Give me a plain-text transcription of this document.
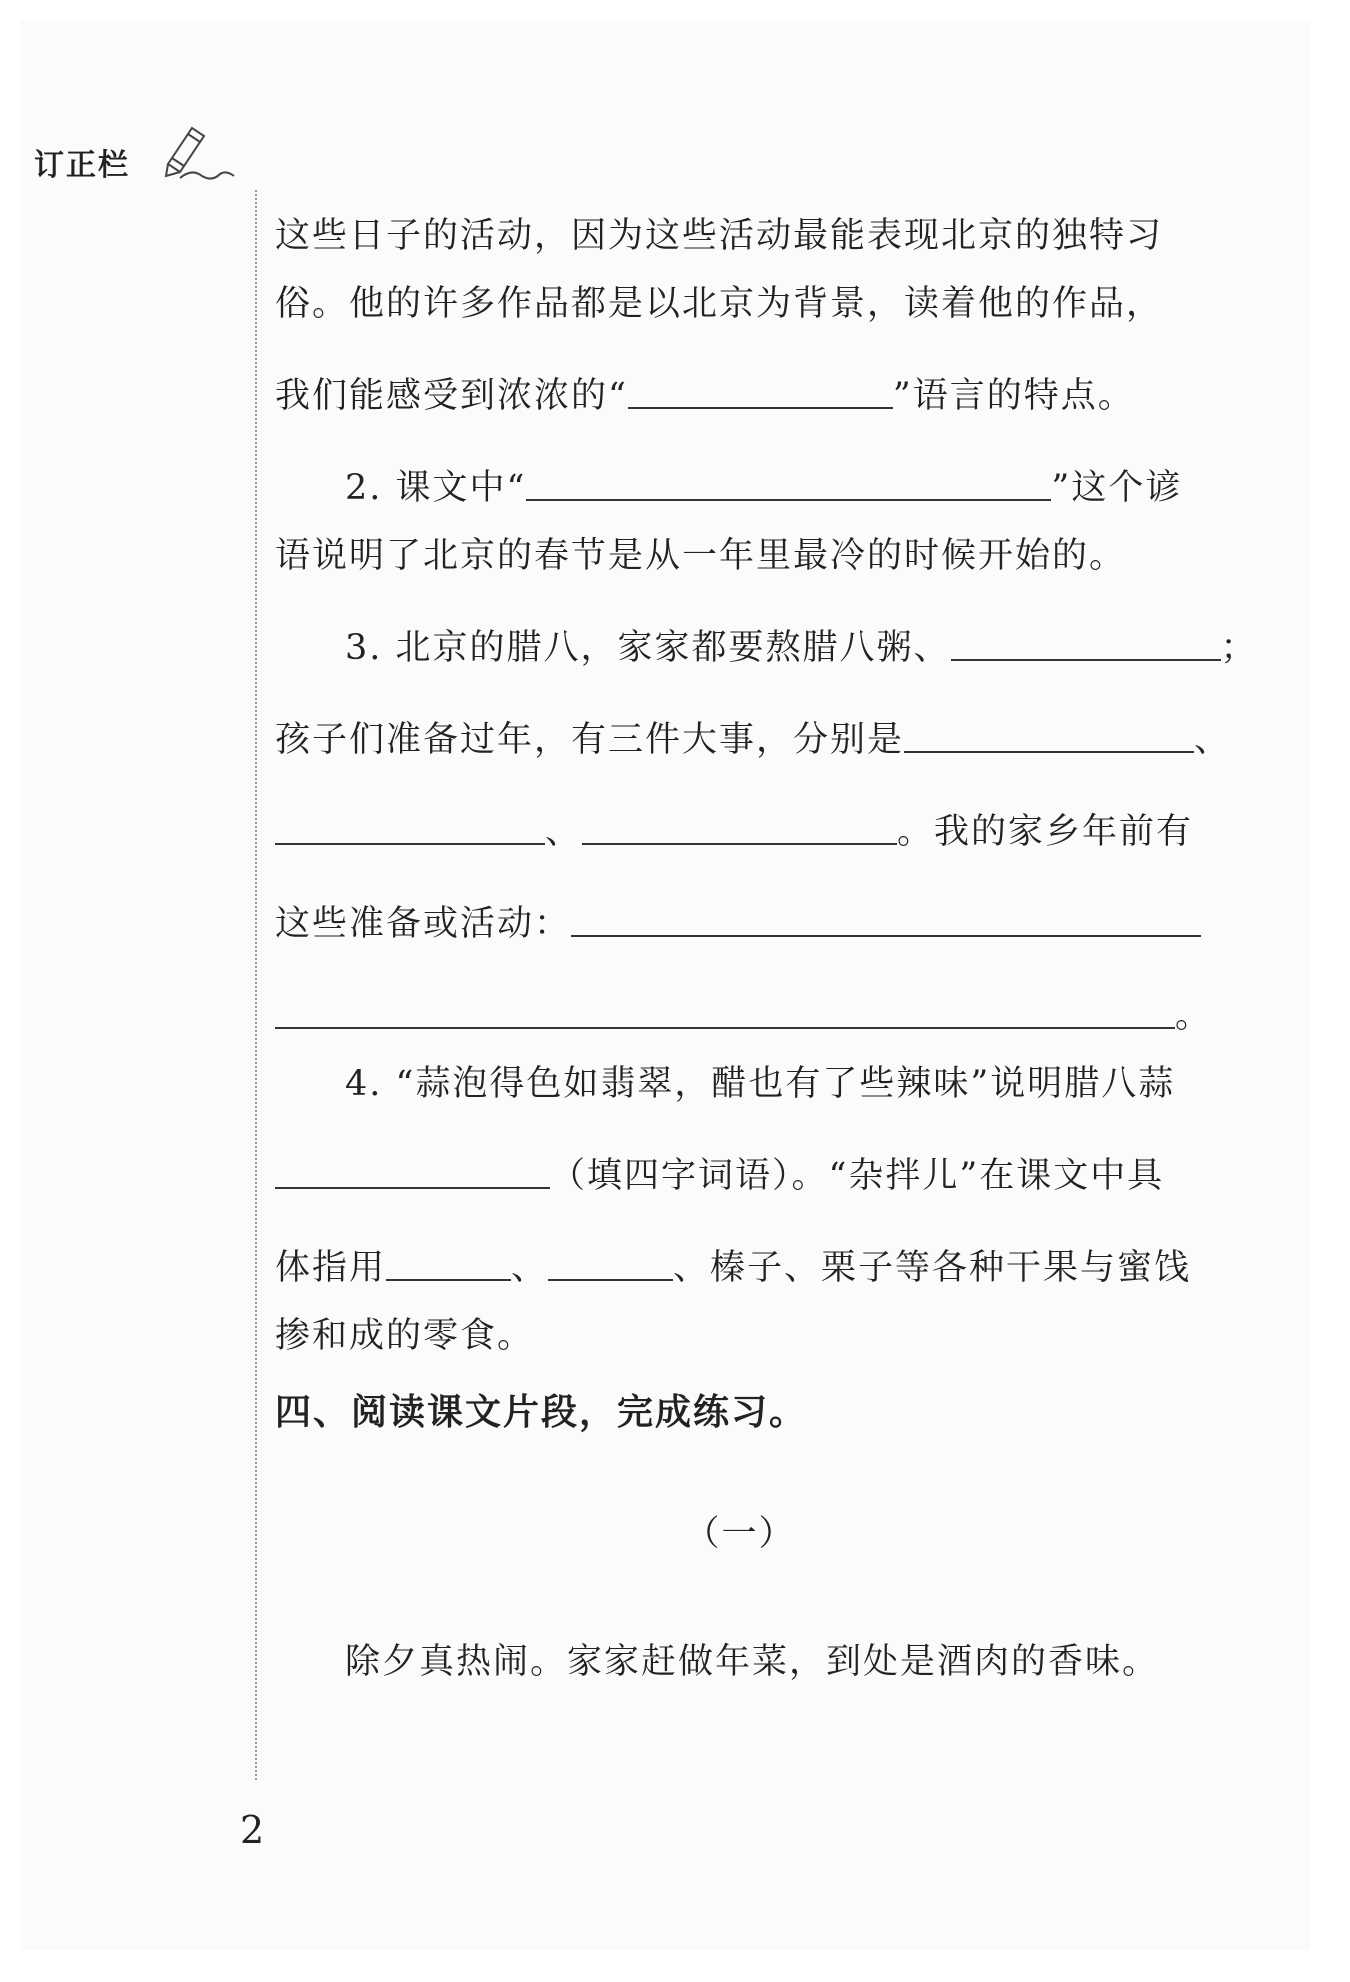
订正栏
这些日子的活动，因为这些活动最能表现北京的独特习
俗。他的许多作品都是以北京为背景，读着他的作品，
我们能感受到浓浓的“	”语言的特点。
2. 课文中“	”这个谚
语说明了北京的春节是从一年里最冷的时候开始的。
3. 北京的腊八，家家都要熬腊八粥、	；
孩子们准备过年，有三件大事，分别是	、
、	。我的家乡年前有
这些准备或活动：
。
4. “蒜泡得色如翡翠，醋也有了些辣味”说明腊八蒜
（填四字词语）。“杂拌儿”在课文中具
体指用	、	、榛子、栗子等各种干果与蜜饯
掺和成的零食。
四、阅读课文片段，完成练习。
（一）
除夕真热闹。家家赶做年菜，到处是酒肉的香味。
2
